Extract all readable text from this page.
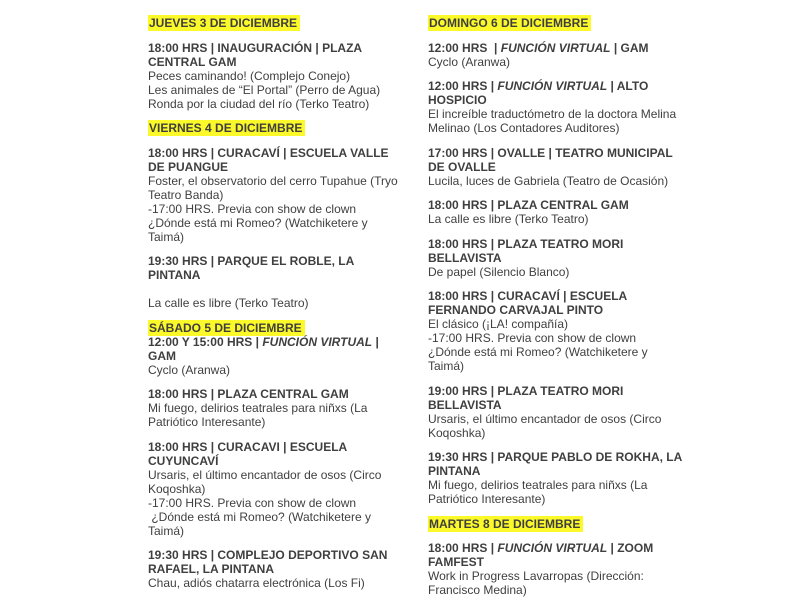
JUEVES 3 DE DICIEMBRE

18:00 HRS | INAUGURACIÓN | PLAZA
CENTRAL GAM

Peces caminando! (Complejo Conejo)
Les animales de “El Portal” (Perro de Agua)
Ronda por la ciudad del río (Terko Teatro)

VIERNES 4 DE DICIEMBRE

18:00 HRS | CURACAVÍ | ESCUELA VALLE
DE PUANGUE

Foster, el observatorio del cerro Tupahue (Tryo
Teatro Banda)
-17:00 HRS. Previa con show de clown
¿Dónde está mi Romeo? (Watchiketere y
Taimá)

19:30 HRS | PARQUE EL ROBLE, LA
PINTANA

La calle es libre (Terko Teatro)

SÁBADO 5 DE DICIEMBRE

12:00 Y 15:00 HRS | FUNCIÓN VIRTUAL |
GAM

Cyclo (Aranwa)

18:00 HRS | PLAZA CENTRAL GAM

Mi fuego, delirios teatrales para niñxs (La
Patriótico Interesante)

18:00 HRS | CURACAVI | ESCUELA
CUYUNCAVÍ

Ursaris, el último encantador de osos (Circo
Koqoshka)
-17:00 HRS. Previa con show de clown
¿Dónde está mi Romeo? (Watchiketere y
Taimá)

19:30 HRS | COMPLEJO DEPORTIVO SAN
RAFAEL, LA PINTANA

Chau, adiós chatarra electrónica (Los Fi)

DOMINGO 6 DE DICIEMBRE

12:00 HRS  | FUNCIÓN VIRTUAL | GAM

Cyclo (Aranwa)

12:00 HRS | FUNCIÓN VIRTUAL | ALTO
HOSPICIO

El increíble traductómetro de la doctora Melina
Melinao (Los Contadores Auditores)

17:00 HRS | OVALLE | TEATRO MUNICIPAL
DE OVALLE

Lucila, luces de Gabriela (Teatro de Ocasión)

18:00 HRS | PLAZA CENTRAL GAM

La calle es libre (Terko Teatro)

18:00 HRS | PLAZA TEATRO MORI
BELLAVISTA

De papel (Silencio Blanco)

18:00 HRS | CURACAVÍ | ESCUELA
FERNANDO CARVAJAL PINTO

El clásico (¡LA! compañía)
-17:00 HRS. Previa con show de clown
¿Dónde está mi Romeo? (Watchiketere y
Taimá)

19:00 HRS | PLAZA TEATRO MORI
BELLAVISTA

Ursaris, el último encantador de osos (Circo
Koqoshka)

19:30 HRS | PARQUE PABLO DE ROKHA, LA
PINTANA

Mi fuego, delirios teatrales para niñxs (La
Patriótico Interesante)

MARTES 8 DE DICIEMBRE

18:00 HRS | FUNCIÓN VIRTUAL | ZOOM
FAMFEST

Work in Progress Lavarropas (Dirección:
Francisco Medina)
